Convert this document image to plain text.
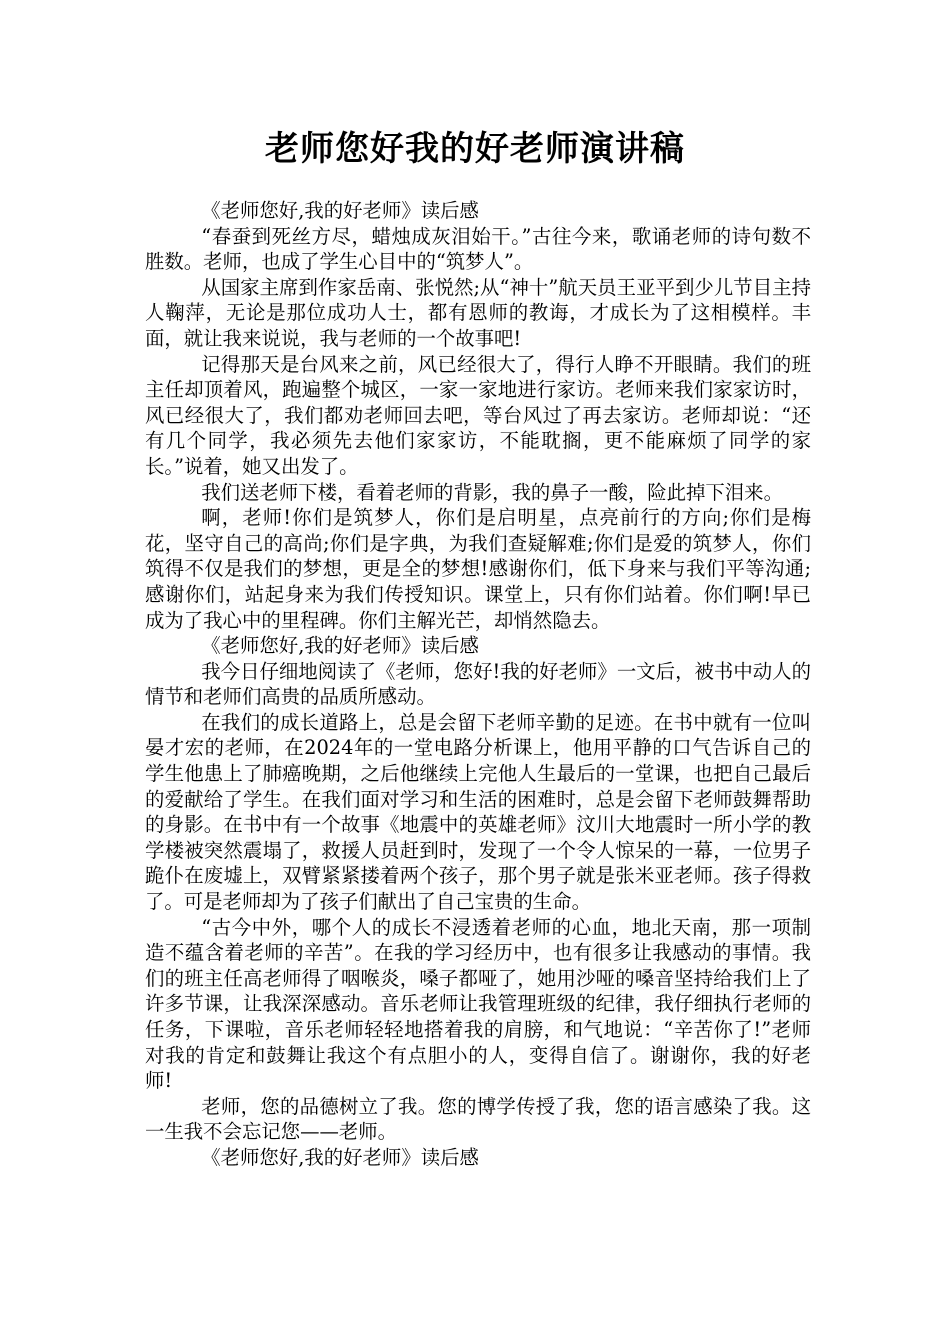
老师您好我的好老师演讲稿

《老师您好,我的好老师》读后感

“春蚕到死丝方尽，蜡烛成灰泪始干。”古往今来，歌诵老师的诗句数不胜数。老师，也成了学生心目中的“筑梦人”。

从国家主席到作家岳南、张悦然;从“神十”航天员王亚平到少儿节目主持人鞠萍，无论是那位成功人士，都有恩师的教诲，才成长为了这相模样。丰面，就让我来说说，我与老师的一个故事吧!

记得那天是台风来之前，风已经很大了，得行人睁不开眼睛。我们的班主任却顶着风，跑遍整个城区，一家一家地进行家访。老师来我们家家访时，风已经很大了，我们都劝老师回去吧，等台风过了再去家访。老师却说：“还有几个同学，我必须先去他们家家访，不能耽搁，更不能麻烦了同学的家长。”说着，她又出发了。

我们送老师下楼，看着老师的背影，我的鼻子一酸，险此掉下泪来。

啊，老师!你们是筑梦人，你们是启明星，点亮前行的方向;你们是梅花，坚守自己的高尚;你们是字典，为我们查疑解难;你们是爱的筑梦人，你们筑得不仅是我们的梦想，更是全的梦想!感谢你们，低下身来与我们平等沟通;感谢你们，站起身来为我们传授知识。课堂上，只有你们站着。你们啊!早已成为了我心中的里程碑。你们主解光芒，却悄然隐去。

《老师您好,我的好老师》读后感

我今日仔细地阅读了《老师，您好!我的好老师》一文后，被书中动人的情节和老师们高贵的品质所感动。

在我们的成长道路上，总是会留下老师辛勤的足迹。在书中就有一位叫晏才宏的老师，在2024年的一堂电路分析课上，他用平静的口气告诉自己的学生他患上了肺癌晚期，之后他继续上完他人生最后的一堂课，也把自己最后的爱献给了学生。在我们面对学习和生活的困难时，总是会留下老师鼓舞帮助的身影。在书中有一个故事《地震中的英雄老师》汶川大地震时一所小学的教学楼被突然震塌了，救援人员赶到时，发现了一个令人惊呆的一幕，一位男子跪仆在废墟上，双臂紧紧搂着两个孩子，那个男子就是张米亚老师。孩子得救了。可是老师却为了孩子们献出了自己宝贵的生命。

“古今中外，哪个人的成长不浸透着老师的心血，地北天南，那一项制造不蕴含着老师的辛苦”。在我的学习经历中，也有很多让我感动的事情。我们的班主任高老师得了咽喉炎，嗓子都哑了，她用沙哑的嗓音坚持给我们上了许多节课，让我深深感动。音乐老师让我管理班级的纪律，我仔细执行老师的任务，下课啦，音乐老师轻轻地搭着我的肩膀，和气地说：“辛苦你了!”老师对我的肯定和鼓舞让我这个有点胆小的人，变得自信了。谢谢你，我的好老师!

老师，您的品德树立了我。您的博学传授了我，您的语言感染了我。这一生我不会忘记您——老师。

《老师您好,我的好老师》读后感
